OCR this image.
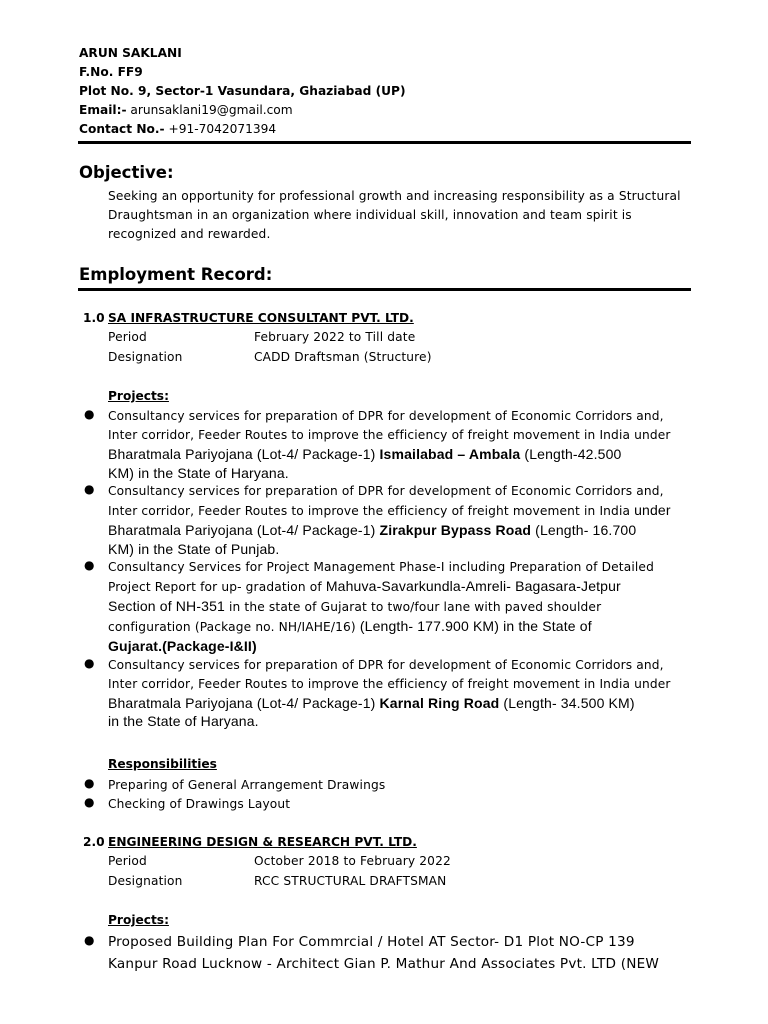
ARUN SAKLANI
F.No. FF9
Plot No. 9, Sector-1 Vasundara, Ghaziabad (UP)
Email:- arunsaklani19@gmail.com
Contact No.- +91-7042071394
Objective:
Seeking an opportunity for professional growth and increasing responsibility as a Structural
Draughtsman in an organization where individual skill, innovation and team spirit is
recognized and rewarded.
Employment Record:
1.0 SA INFRASTRUCTURE CONSULTANT PVT. LTD.
Period	February 2022 to Till date
Designation	CADD Draftsman (Structure)
Projects:
● Consultancy services for preparation of DPR for development of Economic Corridors and,
Inter corridor, Feeder Routes to improve the efficiency of freight movement in India under
Bharatmala Pariyojana (Lot-4/ Package-1) Ismailabad – Ambala (Length-42.500
KM) in the State of Haryana.
● Consultancy services for preparation of DPR for development of Economic Corridors and,
Inter corridor, Feeder Routes to improve the efficiency of freight movement in India under
Bharatmala Pariyojana (Lot-4/ Package-1) Zirakpur Bypass Road (Length- 16.700
KM) in the State of Punjab.
● Consultancy Services for Project Management Phase-I including Preparation of Detailed
Project Report for up- gradation of Mahuva-Savarkundla-Amreli- Bagasara-Jetpur
Section of NH-351 in the state of Gujarat to two/four lane with paved shoulder
configuration (Package no. NH/IAHE/16) (Length- 177.900 KM) in the State of
Gujarat.(Package-I&II)
● Consultancy services for preparation of DPR for development of Economic Corridors and,
Inter corridor, Feeder Routes to improve the efficiency of freight movement in India under
Bharatmala Pariyojana (Lot-4/ Package-1) Karnal Ring Road (Length- 34.500 KM)
in the State of Haryana.
Responsibilities
● Preparing of General Arrangement Drawings
● Checking of Drawings Layout
2.0 ENGINEERING DESIGN & RESEARCH PVT. LTD.
Period	October 2018 to February 2022
Designation	RCC STRUCTURAL DRAFTSMAN
Projects:
● Proposed Building Plan For Commrcial / Hotel AT Sector- D1 Plot NO-CP 139
Kanpur Road Lucknow - Architect Gian P. Mathur And Associates Pvt. LTD (NEW
